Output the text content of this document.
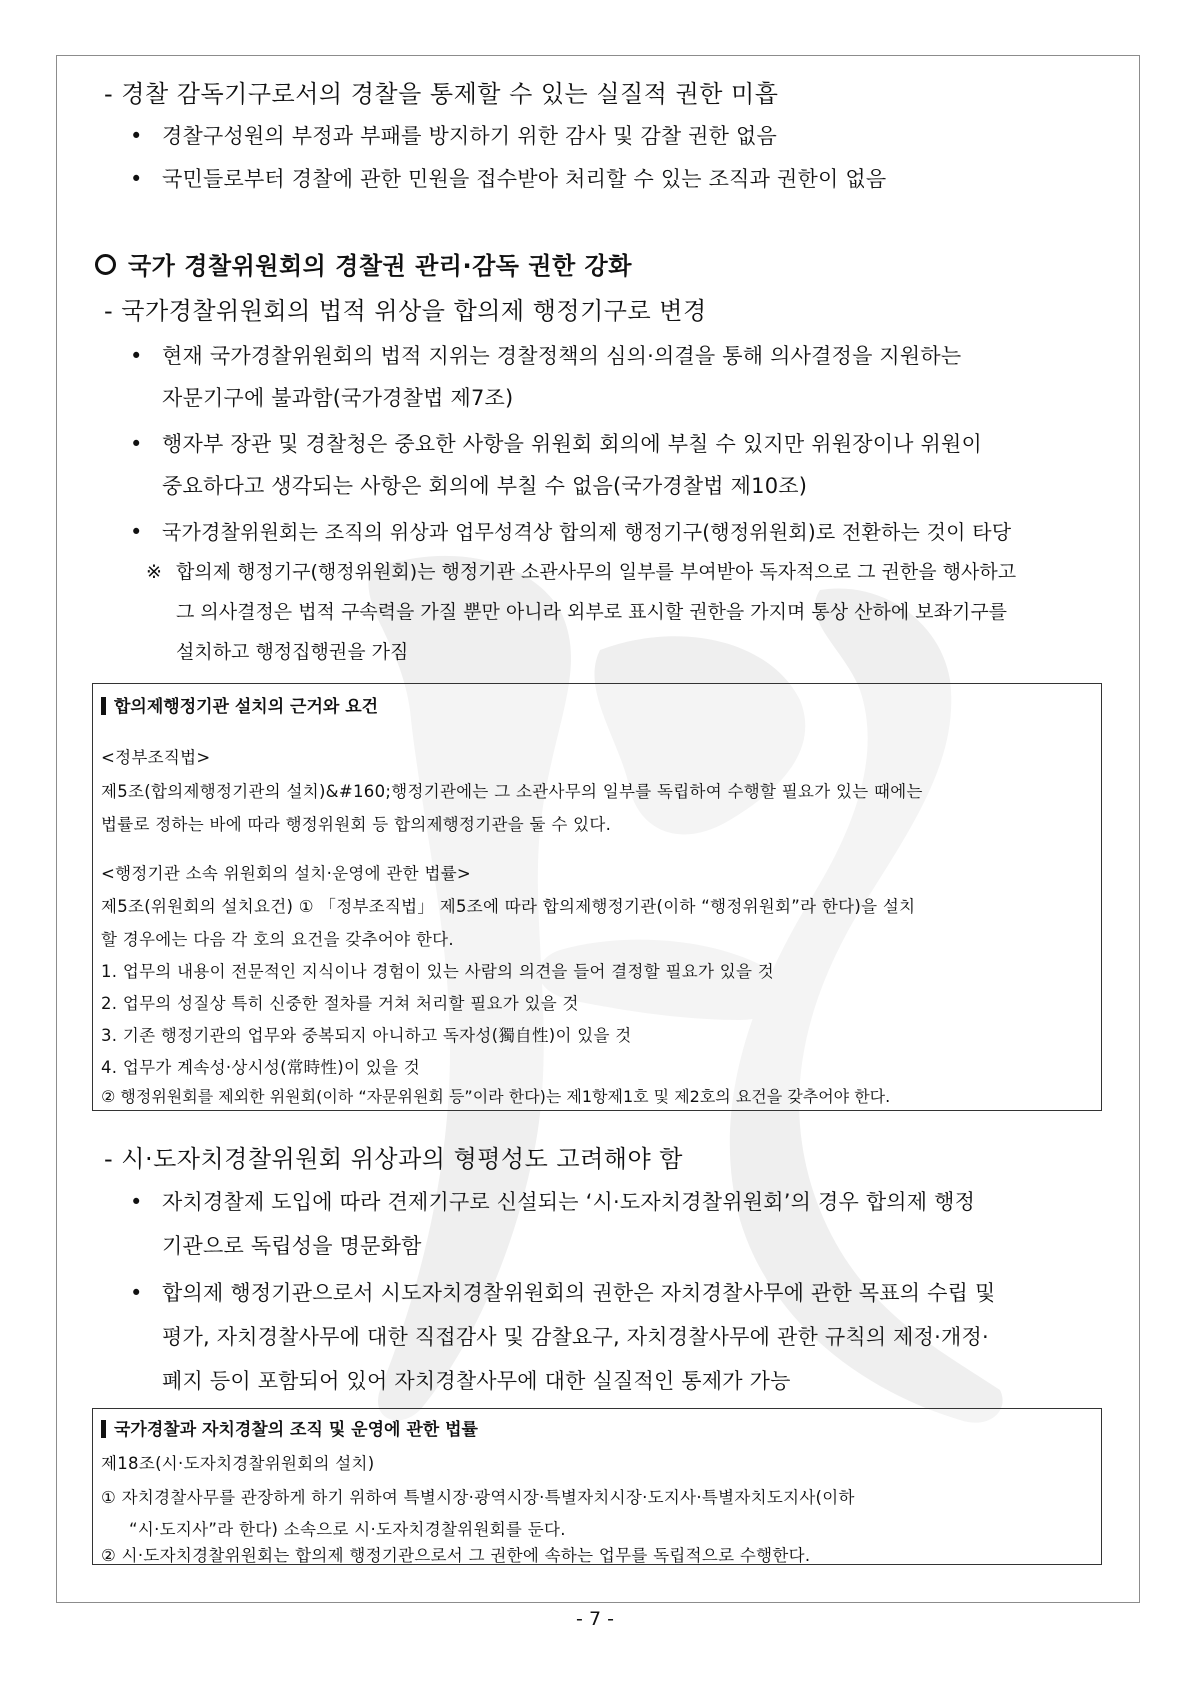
- 경찰 감독기구로서의 경찰을 통제할 수 있는 실질적 권한 미흡
• 경찰구성원의 부정과 부패를 방지하기 위한 감사 및 감찰 권한 없음
• 국민들로부터 경찰에 관한 민원을 접수받아 처리할 수 있는 조직과 권한이 없음
국가 경찰위원회의 경찰권 관리·감독 권한 강화
- 국가경찰위원회의 법적 위상을 합의제 행정기구로 변경
• 현재 국가경찰위원회의 법적 지위는 경찰정책의 심의·의결을 통해 의사결정을 지원하는
자문기구에 불과함(국가경찰법 제7조)
• 행자부 장관 및 경찰청은 중요한 사항을 위원회 회의에 부칠 수 있지만 위원장이나 위원이
중요하다고 생각되는 사항은 회의에 부칠 수 없음(국가경찰법 제10조)
• 국가경찰위원회는 조직의 위상과 업무성격상 합의제 행정기구(행정위원회)로 전환하는 것이 타당
※ 합의제 행정기구(행정위원회)는 행정기관 소관사무의 일부를 부여받아 독자적으로 그 권한을 행사하고
그 의사결정은 법적 구속력을 가질 뿐만 아니라 외부로 표시할 권한을 가지며 통상 산하에 보좌기구를
설치하고 행정집행권을 가짐
합의제행정기관 설치의 근거와 요건
<정부조직법>
제5조(합의제행정기관의 설치)&#160;행정기관에는 그 소관사무의 일부를 독립하여 수행할 필요가 있는 때에는
법률로 정하는 바에 따라 행정위원회 등 합의제행정기관을 둘 수 있다.
<행정기관 소속 위원회의 설치·운영에 관한 법률>
제5조(위원회의 설치요건) ① 「정부조직법」 제5조에 따라 합의제행정기관(이하 “행정위원회”라 한다)을 설치
할 경우에는 다음 각 호의 요건을 갖추어야 한다.
1. 업무의 내용이 전문적인 지식이나 경험이 있는 사람의 의견을 들어 결정할 필요가 있을 것
2. 업무의 성질상 특히 신중한 절차를 거쳐 처리할 필요가 있을 것
3. 기존 행정기관의 업무와 중복되지 아니하고 독자성(獨自性)이 있을 것
4. 업무가 계속성·상시성(常時性)이 있을 것
② 행정위원회를 제외한 위원회(이하 “자문위원회 등”이라 한다)는 제1항제1호 및 제2호의 요건을 갖추어야 한다.
- 시·도자치경찰위원회 위상과의 형평성도 고려해야 함
• 자치경찰제 도입에 따라 견제기구로 신설되는 ‘시·도자치경찰위원회’의 경우 합의제 행정
기관으로 독립성을 명문화함
• 합의제 행정기관으로서 시도자치경찰위원회의 권한은 자치경찰사무에 관한 목표의 수립 및
평가, 자치경찰사무에 대한 직접감사 및 감찰요구, 자치경찰사무에 관한 규칙의 제정·개정·
폐지 등이 포함되어 있어 자치경찰사무에 대한 실질적인 통제가 가능
국가경찰과 자치경찰의 조직 및 운영에 관한 법률
제18조(시·도자치경찰위원회의 설치)
① 자치경찰사무를 관장하게 하기 위하여 특별시장·광역시장·특별자치시장·도지사·특별자치도지사(이하
“시·도지사”라 한다) 소속으로 시·도자치경찰위원회를 둔다.
② 시·도자치경찰위원회는 합의제 행정기관으로서 그 권한에 속하는 업무를 독립적으로 수행한다.
- 7 -
